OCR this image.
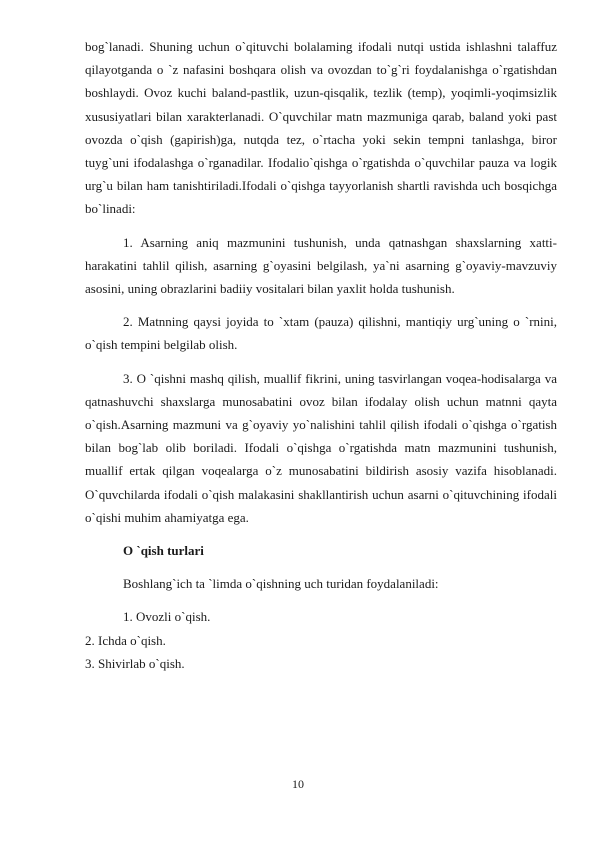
bog`lanadi. Shuning uchun o`qituvchi bolalaming ifodali nutqi ustida ishlashni talaffuz qilayotganda o `z nafasini boshqara olish va ovozdan to`g`ri foydalanishga o`rgatishdan boshlaydi. Ovoz kuchi baland-pastlik, uzun-qisqalik, tezlik (temp), yoqimli-yoqimsizlik xususiyatlari bilan xarakterlanadi. O`quvchilar matn mazmuniga qarab, baland yoki past ovozda o`qish (gapirish)ga, nutqda tez, o`rtacha yoki sekin tempni tanlashga, biror tuyg`uni ifodalashga o`rganadilar. Ifodalio`qishga o`rgatishda o`quvchilar pauza va logik urg`u bilan ham tanishtiriladi.Ifodali o`qishga tayyorlanish shartli ravishda uch bosqichga bo`linadi:

1. Asarning aniq mazmunini tushunish, unda qatnashgan shaxslarning xatti-harakatini tahlil qilish, asarning g`oyasini belgilash, ya`ni asarning g`oyaviy-mavzuviy asosini, uning obrazlarini badiiy vositalari bilan yaxlit holda tushunish.

2. Matnning qaysi joyida to `xtam (pauza) qilishni, mantiqiy urg`uning o `rnini, o`qish tempini belgilab olish.

3. O `qishni mashq qilish, muallif fikrini, uning tasvirlangan voqea-hodisalarga va qatnashuvchi shaxslarga munosabatini ovoz bilan ifodalay olish uchun matnni qayta o`qish.Asarning mazmuni va g`oyaviy yo`nalishini tahlil qilish ifodali o`qishga o`rgatish bilan bog`lab olib boriladi. Ifodali o`qishga o`rgatishda matn mazmunini tushunish, muallif ertak qilgan voqealarga o`z munosabatini bildirish asosiy vazifa hisoblanadi. O`quvchilarda ifodali o`qish malakasini shakllantirish uchun asarni o`qituvchining ifodali o`qishi muhim ahamiyatga ega.

O `qish turlari

Boshlang`ich ta `limda o`qishning uch turidan foydalaniladi:

1. Ovozli o`qish.

2. Ichda o`qish.

3. Shivirlab o`qish.

10
